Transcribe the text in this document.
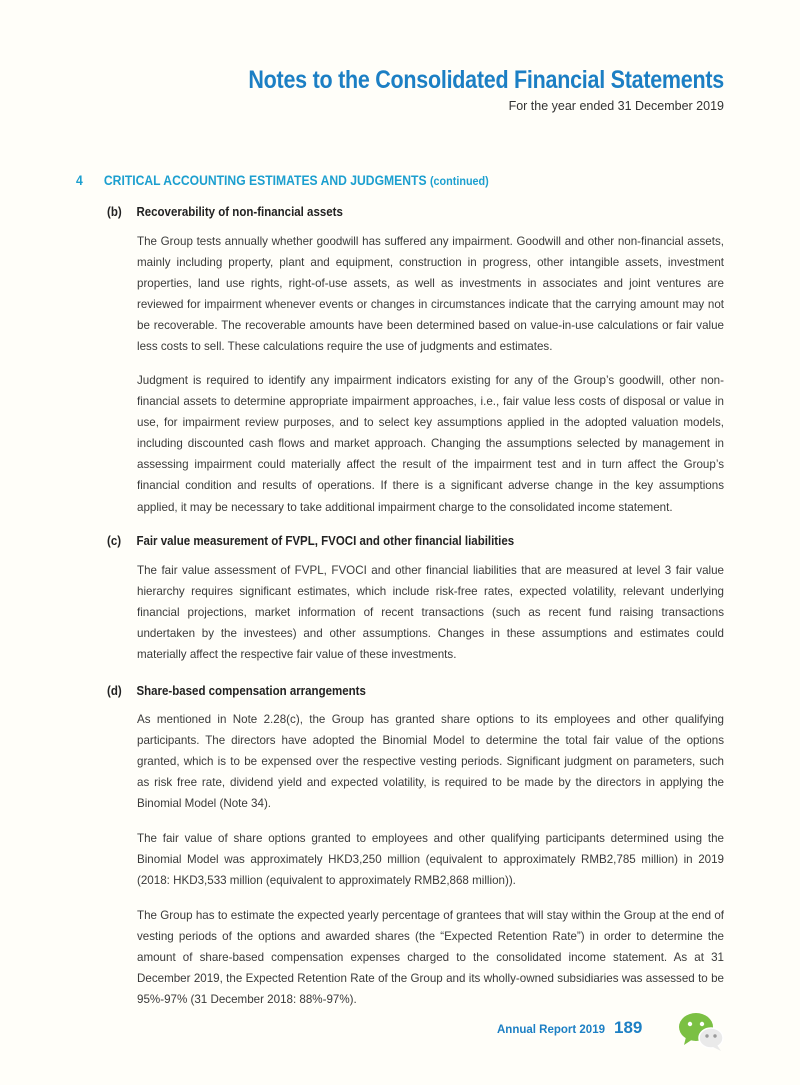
Notes to the Consolidated Financial Statements
For the year ended 31 December 2019
4 CRITICAL ACCOUNTING ESTIMATES AND JUDGMENTS (continued)
(b) Recoverability of non-financial assets
The Group tests annually whether goodwill has suffered any impairment. Goodwill and other non-financial assets, mainly including property, plant and equipment, construction in progress, other intangible assets, investment properties, land use rights, right-of-use assets, as well as investments in associates and joint ventures are reviewed for impairment whenever events or changes in circumstances indicate that the carrying amount may not be recoverable. The recoverable amounts have been determined based on value-in-use calculations or fair value less costs to sell. These calculations require the use of judgments and estimates.
Judgment is required to identify any impairment indicators existing for any of the Group’s goodwill, other non-financial assets to determine appropriate impairment approaches, i.e., fair value less costs of disposal or value in use, for impairment review purposes, and to select key assumptions applied in the adopted valuation models, including discounted cash flows and market approach. Changing the assumptions selected by management in assessing impairment could materially affect the result of the impairment test and in turn affect the Group’s financial condition and results of operations. If there is a significant adverse change in the key assumptions applied, it may be necessary to take additional impairment charge to the consolidated income statement.
(c) Fair value measurement of FVPL, FVOCI and other financial liabilities
The fair value assessment of FVPL, FVOCI and other financial liabilities that are measured at level 3 fair value hierarchy requires significant estimates, which include risk-free rates, expected volatility, relevant underlying financial projections, market information of recent transactions (such as recent fund raising transactions undertaken by the investees) and other assumptions. Changes in these assumptions and estimates could materially affect the respective fair value of these investments.
(d) Share-based compensation arrangements
As mentioned in Note 2.28(c), the Group has granted share options to its employees and other qualifying participants. The directors have adopted the Binomial Model to determine the total fair value of the options granted, which is to be expensed over the respective vesting periods. Significant judgment on parameters, such as risk free rate, dividend yield and expected volatility, is required to be made by the directors in applying the Binomial Model (Note 34).
The fair value of share options granted to employees and other qualifying participants determined using the Binomial Model was approximately HKD3,250 million (equivalent to approximately RMB2,785 million) in 2019 (2018: HKD3,533 million (equivalent to approximately RMB2,868 million)).
The Group has to estimate the expected yearly percentage of grantees that will stay within the Group at the end of vesting periods of the options and awarded shares (the “Expected Retention Rate”) in order to determine the amount of share-based compensation expenses charged to the consolidated income statement. As at 31 December 2019, the Expected Retention Rate of the Group and its wholly-owned subsidiaries was assessed to be 95%-97% (31 December 2018: 88%-97%).
Annual Report 2019 189
